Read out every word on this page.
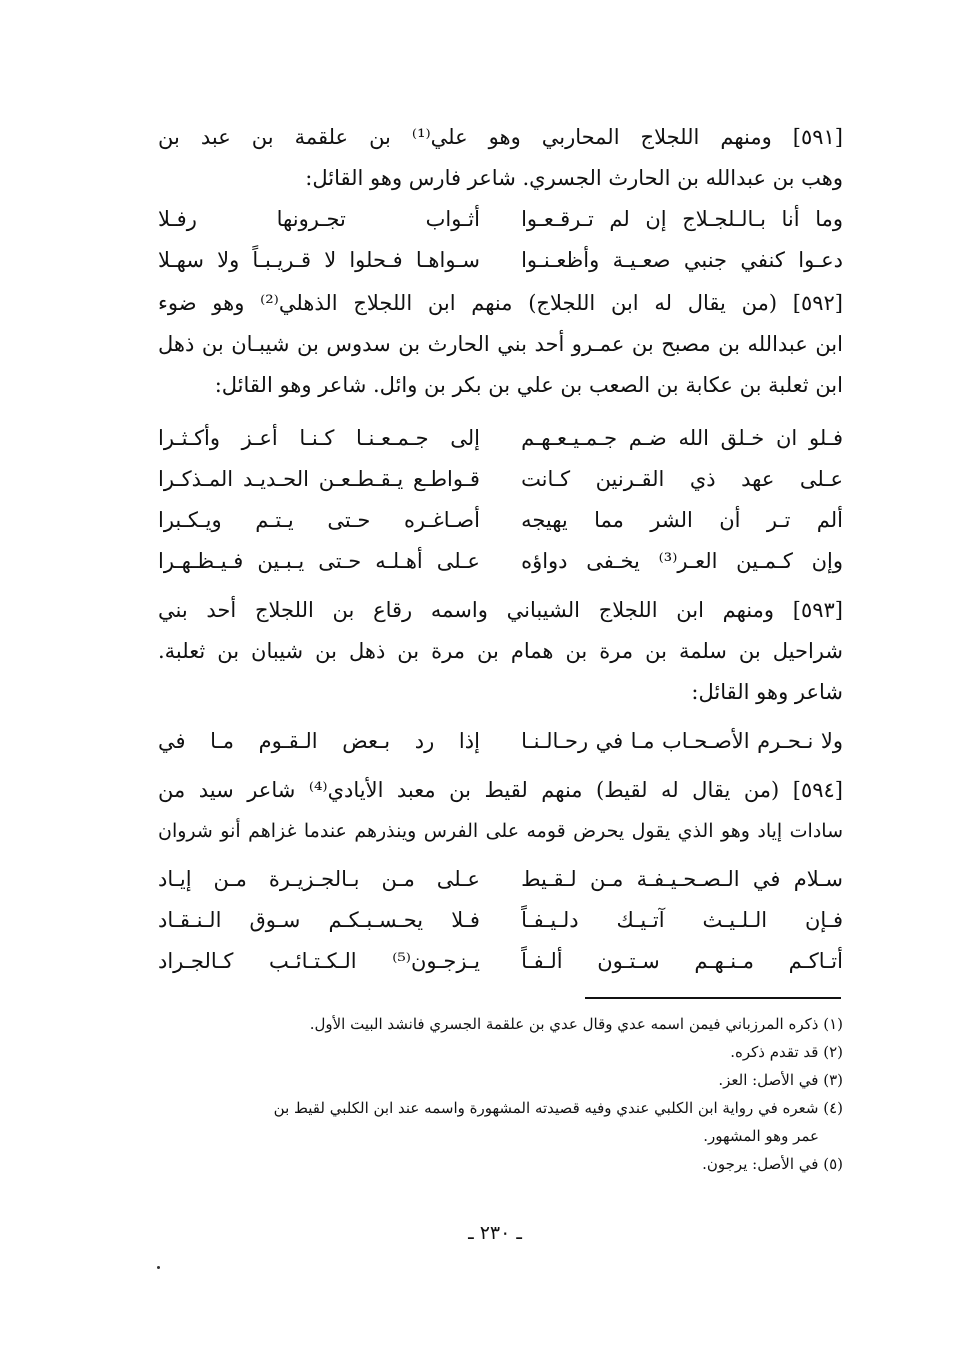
[٥٩١] ومنهم اللجلاج المحاربي وهو علي⁽¹⁾ بن علقمة بن عبد بن
وهب بن عبدالله بن الحارث الجسري. شاعر فارس وهو القائل:
وما أنا بـالـلجـلاج إن لم تـرقـعـوا
أثـواب تجـرونها رفـلا
دعـوا كنفي جنبي صعـيـة وأظعـنـوا
سـواهـا فـحلوا لا قـريـبـاً ولا سهـلا
[٥٩٢] (من يقال له ابن اللجلاج) منهم ابن اللجلاج الذهلي⁽²⁾ وهو ضوء
ابن عبدالله بن مصبح بن عمـرو أحد بني الحارث بن سدوس بن شيبـان بن ذهل
ابن ثعلبة بن عكابة بن الصعب بن علي بن بكر بن وائل. شاعر وهو القائل:
فـلو ان خـلق الله ضـم جـمـيـعـهـم
إلى جـمـعـنـا كـنـا أعـز وأكـثـرا
عـلى عهد ذي القـرنين كـانت
قـواطـع يـقـطـعـن الحـديـد المـذكـرا
ألم تـر أن الشر مما يهيجه
أصـاغـره حـتى يـتـم ويـكـبرا
وإن كـمـين العـر⁽³⁾ يخـفى دواؤه
عـلى أهـلـه حـتى يـبـين فـيـظـهـرا
[٥٩٣] ومنهم ابن اللجلاج الشيباني واسمه رقاع بن اللجلاج أحد بني
شراحيل بن سلمة بن مرة بن همام بن مرة بن ذهل بن شيبان بن ثعلبة.
شاعر وهو القائل:
ولا نـحـرم الأصـحـاب مـا في رحـالـنـا
إذا رد بـعض الـقـوم مـا في
[٥٩٤] (من يقال له لقيط) منهم لقيط بن معبد الأيادي⁽⁴⁾ شاعر سيد من
سادات إياد وهو الذي يقول يحرض قومه على الفرس وينذرهم عندما غزاهم أنو شروان
سـلام في الـصـحـيـفـة مـن لـقـيط
عـلى مـن بـالجـزيـرة مـن إيـاد
فـإن الـلـيـث آتـيـك دلـيـفـاً
فـلا يحـسـبـكـم سـوق الـنـقـاد
أتـاكـم مـنـهـم سـتـون ألـفـاً
يـزجـون⁽⁵⁾ الـكـتـائـب كـالجـراد
(١) ذكره المرزباني فيمن اسمه عدي وقال عدي بن علقمة الجسري فانشد البيت الأول.
(٢) قد تقدم ذكره.
(٣) في الأصل: العز.
(٤) شعره في رواية ابن الكلبي عندي وفيه قصيدته المشهورة واسمه عند ابن الكلبي لقيط بن
عمر وهو المشهور.
(٥) في الأصل: يرجون.
ـ ٢٣٠ ـ
